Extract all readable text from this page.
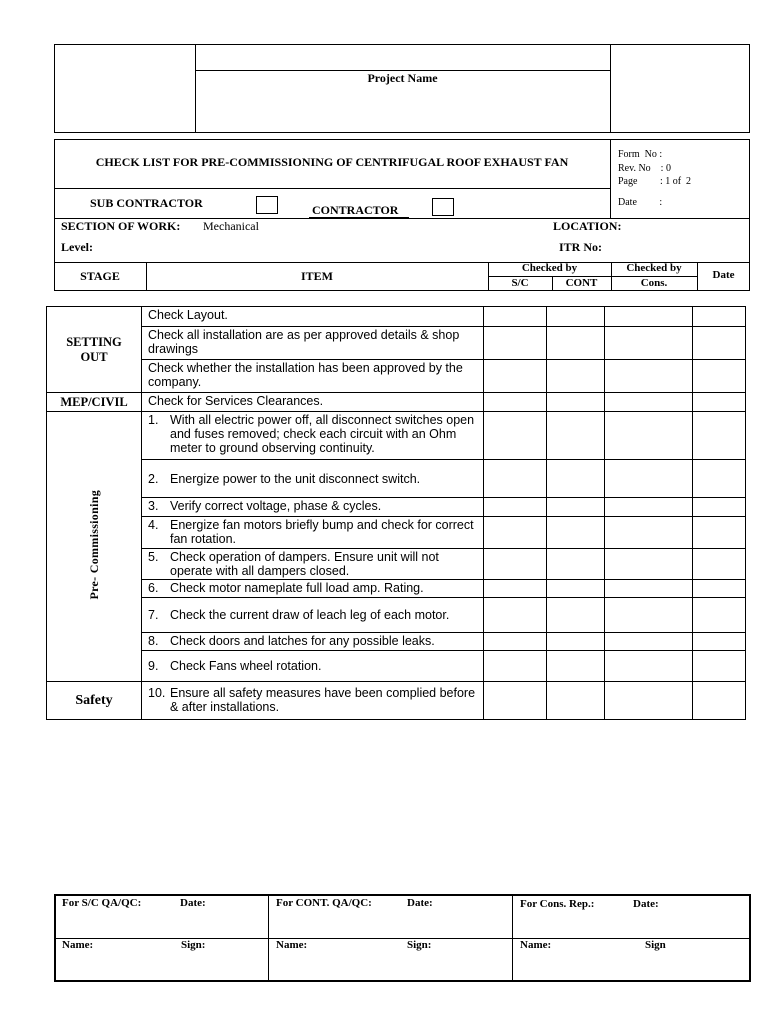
Project Name
CHECK LIST FOR PRE-COMMISSIONING OF CENTRIFUGAL ROOF EXHAUST FAN
Form  No :
Rev. No    : 0
Page         : 1 of  2
Date         :
SUB CONTRACTOR	CONTRACTOR
SECTION OF WORK: Mechanical	LOCATION:
Level:	ITR No:
STAGE	ITEM
Checked by
S/C	CONT
Checked by
Cons.
Date
SETTING
OUT	Check Layout.				
	Check all installation are as per approved details & shop drawings				
	Check whether the installation has been approved by the company.				
MEP/CIVIL	Check for Services Clearances.				
Pre- Commissioning	1. With all electric power off, all disconnect switches open and fuses removed; check each circuit with an Ohm meter to ground observing continuity.				

	2. Energize power to the unit disconnect switch.				

	3. Verify correct voltage, phase & cycles.				

	4. Energize fan motors briefly bump and check for correct fan rotation.				

	5. Check operation of dampers. Ensure unit will not operate with all dampers closed.				

	6. Check motor nameplate full load amp. Rating.				

	7. Check the current draw of leach leg of each motor.				

	8. Check doors and latches for any possible leaks.				

	9. Check Fans wheel rotation.				

Safety	10. Ensure all safety measures have been complied before & after installations.				

For S/C QA/QC:	Date:	For CONT. QA/QC:	Date:	For Cons. Rep.:	Date:
Name:	Sign:	Name:	Sign:	Name:	Sign
